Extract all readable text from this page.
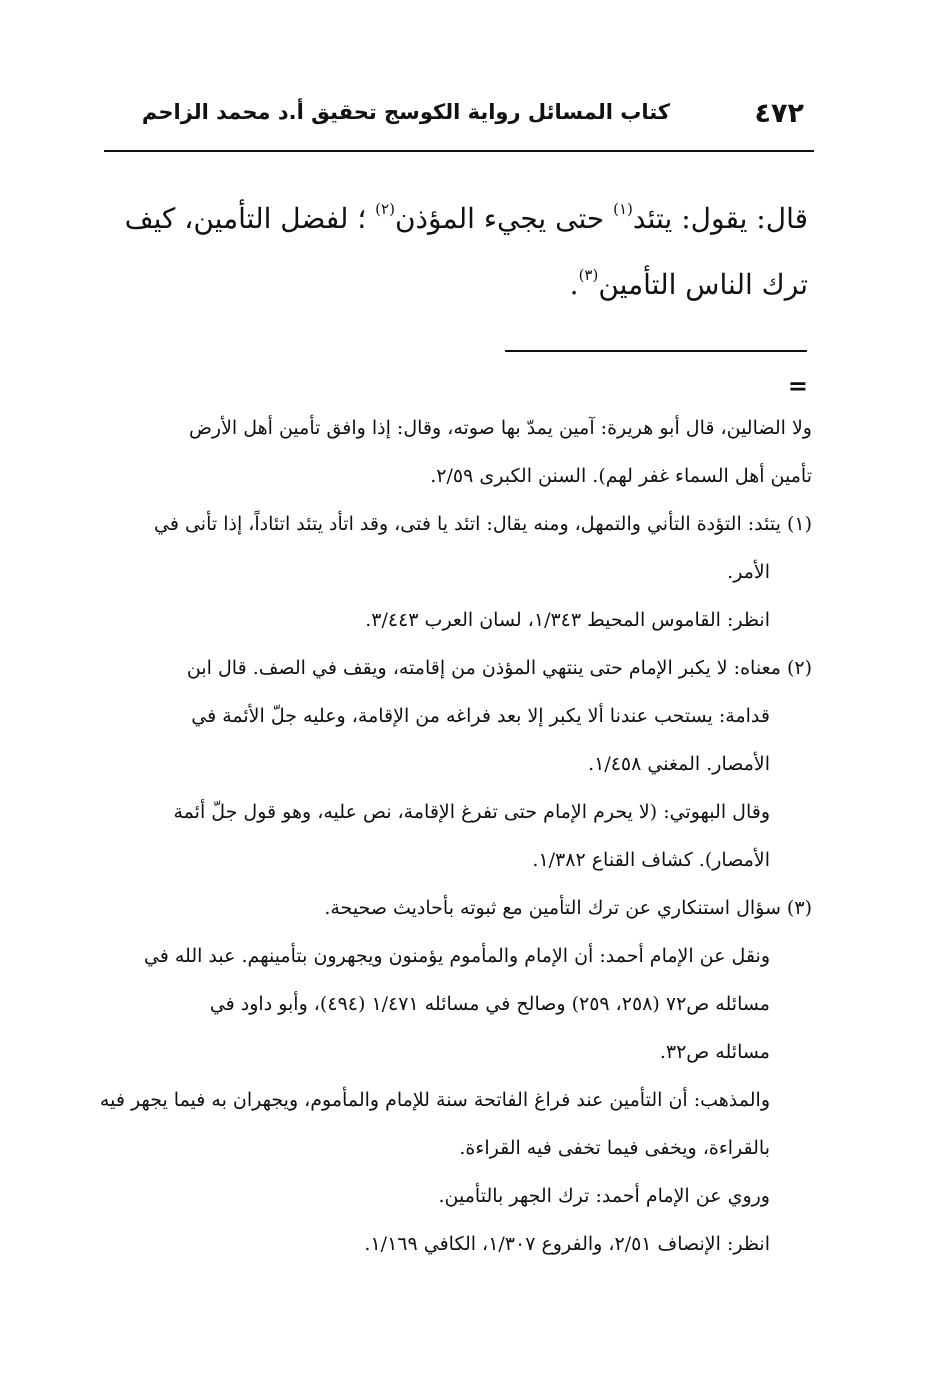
٤٧٢
كتاب المسائل رواية الكوسج تحقيق أ.د محمد الزاحم
قال: يقول: يتئد$^{(١)}$ حتى يجيء المؤذن$^{(٢)}$ ؛ لفضل التأمين، كيف
ترك الناس التأمين$^{(٣)}$.
=
ولا الضالين، قال أبو هريرة: آمين يمدّ بها صوته، وقال: إذا وافق تأمين أهل الأرض
تأمين أهل السماء غفر لهم). السنن الكبرى ٢/٥٩.
(١) يتئد: التؤدة التأني والتمهل، ومنه يقال: اتئد يا فتى، وقد اتأد يتئد اتئاداً، إذا تأنى في
الأمر.
انظر: القاموس المحيط ١/٣٤٣، لسان العرب ٣/٤٤٣.
(٢) معناه: لا يكبر الإمام حتى ينتهي المؤذن من إقامته، ويقف في الصف. قال ابن
قدامة: يستحب عندنا ألا يكبر إلا بعد فراغه من الإقامة، وعليه جلّ الأئمة في
الأمصار. المغني ١/٤٥٨.
وقال البهوتي: (لا يحرم الإمام حتى تفرغ الإقامة، نص عليه، وهو قول جلّ أئمة
الأمصار). كشاف القناع ١/٣٨٢.
(٣) سؤال استنكاري عن ترك التأمين مع ثبوته بأحاديث صحيحة.
ونقل عن الإمام أحمد: أن الإمام والمأموم يؤمنون ويجهرون بتأمينهم. عبد الله في
مسائله ص٧٢ (٢٥٨، ٢٥٩) وصالح في مسائله ١/٤٧١ (٤٩٤)، وأبو داود في
مسائله ص٣٢.
والمذهب: أن التأمين عند فراغ الفاتحة سنة للإمام والمأموم، ويجهران به فيما يجهر فيه
بالقراءة، ويخفى فيما تخفى فيه القراءة.
وروي عن الإمام أحمد: ترك الجهر بالتأمين.
انظر: الإنصاف ٢/٥١، والفروع ١/٣٠٧، الكافي ١/١٦٩.
